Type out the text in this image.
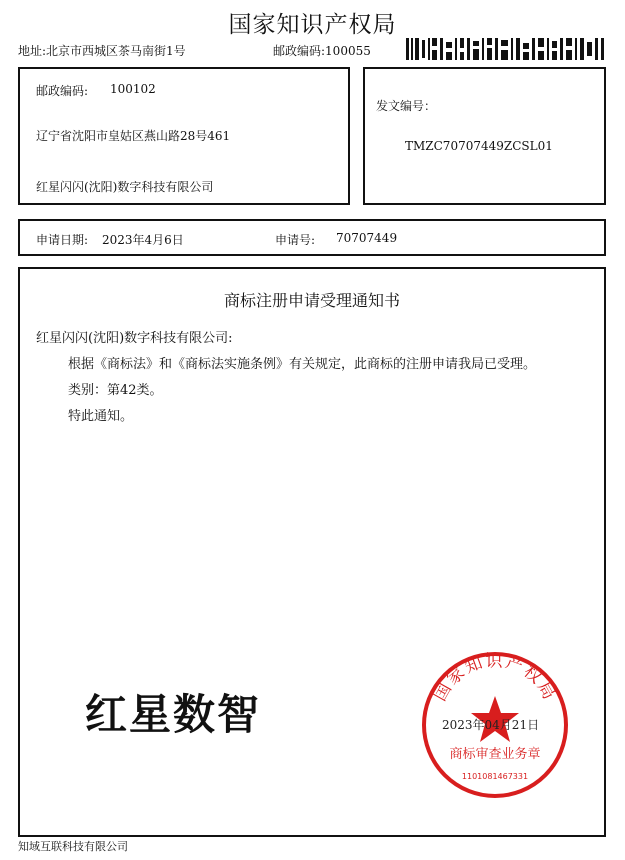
国家知识产权局
地址:北京市西城区茶马南街1号	邮政编码:100055
邮政编码: 100102
辽宁省沈阳市皇姑区燕山路28号461
红星闪闪(沈阳)数字科技有限公司
发文编号：
TMZC70707449ZCSL01
申请日期: 2023年4月6日	申请号: 70707449
商标注册申请受理通知书
红星闪闪(沈阳)数字科技有限公司:
根据《商标法》和《商标法实施条例》有关规定，此商标的注册申请我局已受理。
类别：第42类。
特此通知。
红星数智	国家知识产权局
商标审查业务章
1101081467331
2023年04月21日
知域互联科技有限公司
